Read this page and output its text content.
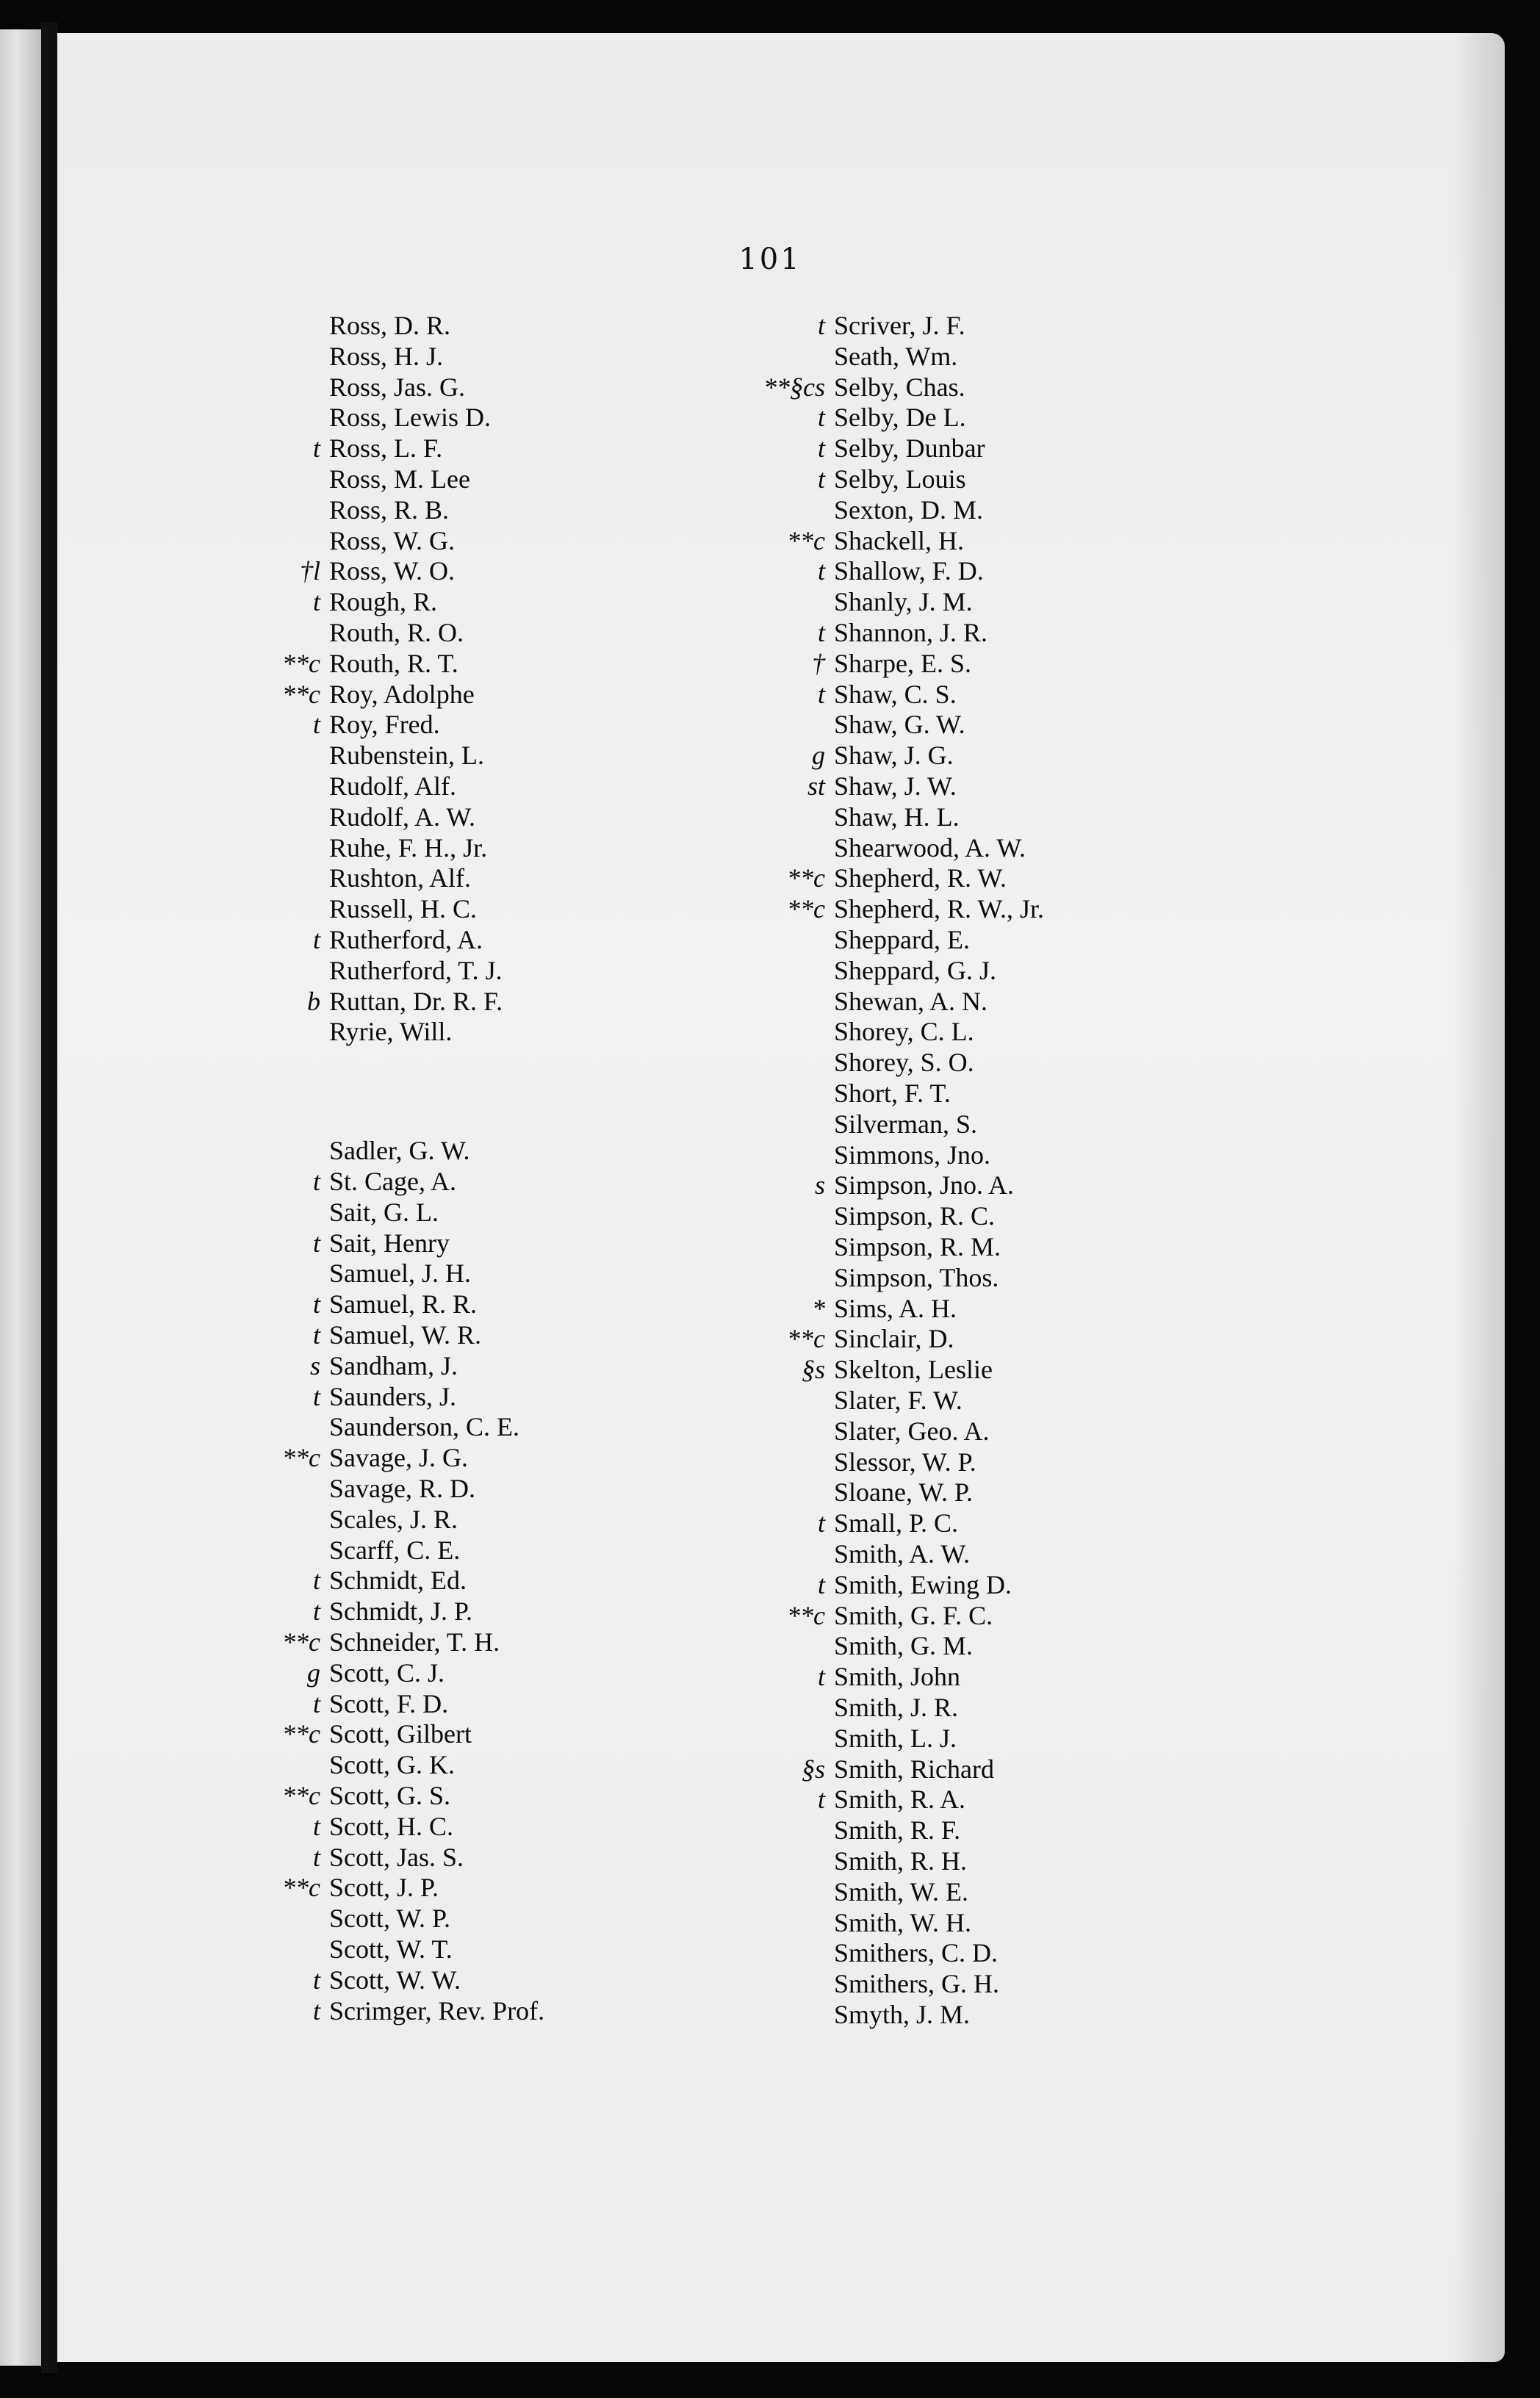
101
Ross, D. R.
Ross, H. J.
Ross, Jas. G.
Ross, Lewis D.
t Ross, L. F.
Ross, M. Lee
Ross, R. B.
Ross, W. G.
†l Ross, W. O.
t Rough, R.
Routh, R. O.
**c Routh, R. T.
**c Roy, Adolphe
t Roy, Fred.
Rubenstein, L.
Rudolf, Alf.
Rudolf, A. W.
Ruhe, F. H., Jr.
Rushton, Alf.
Russell, H. C.
t Rutherford, A.
Rutherford, T. J.
b Ruttan, Dr. R. F.
Ryrie, Will.
Sadler, G. W.
t St. Cage, A.
Sait, G. L.
t Sait, Henry
Samuel, J. H.
t Samuel, R. R.
t Samuel, W. R.
s Sandham, J.
t Saunders, J.
Saunderson, C. E.
**c Savage, J. G.
Savage, R. D.
Scales, J. R.
Scarff, C. E.
t Schmidt, Ed.
t Schmidt, J. P.
**c Schneider, T. H.
g Scott, C. J.
t Scott, F. D.
**c Scott, Gilbert
Scott, G. K.
**c Scott, G. S.
t Scott, H. C.
t Scott, Jas. S.
**c Scott, J. P.
Scott, W. P.
Scott, W. T.
t Scott, W. W.
t Scrimger, Rev. Prof.
t Scriver, J. F.
Seath, Wm.
**§cs Selby, Chas.
t Selby, De L.
t Selby, Dunbar
t Selby, Louis
Sexton, D. M.
**c Shackell, H.
t Shallow, F. D.
Shanly, J. M.
t Shannon, J. R.
† Sharpe, E. S.
t Shaw, C. S.
Shaw, G. W.
g Shaw, J. G.
st Shaw, J. W.
Shaw, H. L.
Shearwood, A. W.
**c Shepherd, R. W.
**c Shepherd, R. W., Jr.
Sheppard, E.
Sheppard, G. J.
Shewan, A. N.
Shorey, C. L.
Shorey, S. O.
Short, F. T.
Silverman, S.
Simmons, Jno.
s Simpson, Jno. A.
Simpson, R. C.
Simpson, R. M.
Simpson, Thos.
* Sims, A. H.
**c Sinclair, D.
§s Skelton, Leslie
Slater, F. W.
Slater, Geo. A.
Slessor, W. P.
Sloane, W. P.
t Small, P. C.
Smith, A. W.
t Smith, Ewing D.
**c Smith, G. F. C.
Smith, G. M.
t Smith, John
Smith, J. R.
Smith, L. J.
§s Smith, Richard
t Smith, R. A.
Smith, R. F.
Smith, R. H.
Smith, W. E.
Smith, W. H.
Smithers, C. D.
Smithers, G. H.
Smyth, J. M.
